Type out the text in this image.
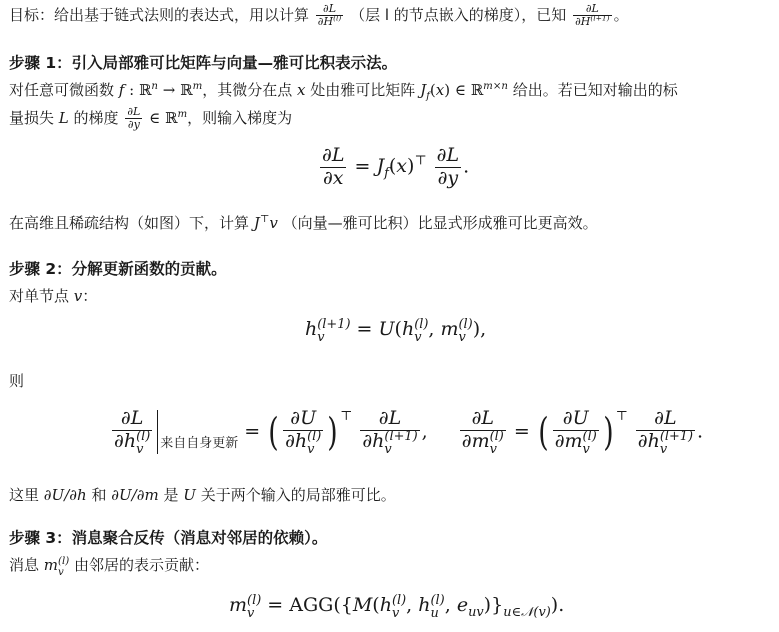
目标：给出基于链式法则的表达式，用以计算 $\frac{\partial L}{\partial H^{(l)}}$ （层 l 的节点嵌入的梯度），已知 $\frac{\partial L}{\partial H^{(l+1)}}$ 。
步骤 1：引入局部雅可比矩阵与向量—雅可比积表示法。
对任意可微函数 f : ℝ$^n$ → ℝ$^m$，其微分在点 x 处由雅可比矩阵 $J_f(x)$ ∈ ℝ$^{m\times n}$ 给出。若已知对输出的标
量损失 L 的梯度 $\frac{\partial L}{\partial y}$ ∈ ℝ$^m$，则输入梯度为
$\frac{\partial L}{\partial x} = J_f(x)^⊤ \frac{\partial L}{\partial y}$ .
在高维且稀疏结构（如图）下，计算 J⊤v （向量—雅可比积）比显式形成雅可比更高效。
步骤 2：分解更新函数的贡献。
对单节点 v：
h (l+1)
v	= U(h (l)
v , m (l)
v ),
则
∂L
∂h (l)
v $_{来自自身更新}$= ( ∂U
∂h (l)
v ) ⊤ ∂L
∂h (l+1)
v , ∂L
∂m (l)
v = ( ∂U
∂m (l)
v ) ⊤ ∂L
∂h (l+1)
v .
这里 ∂U/∂h 和 ∂U/∂m 是 U 关于两个输入的局部雅可比。
步骤 3：消息聚合反传（消息对邻居的依赖）。
消息 m (l)
v 由邻居的表示贡献：
m (l)
v = AGG({M(h (l)
v , h (l)
u , $e_{uv})\}_{u\in 𝒩(v)}$).
